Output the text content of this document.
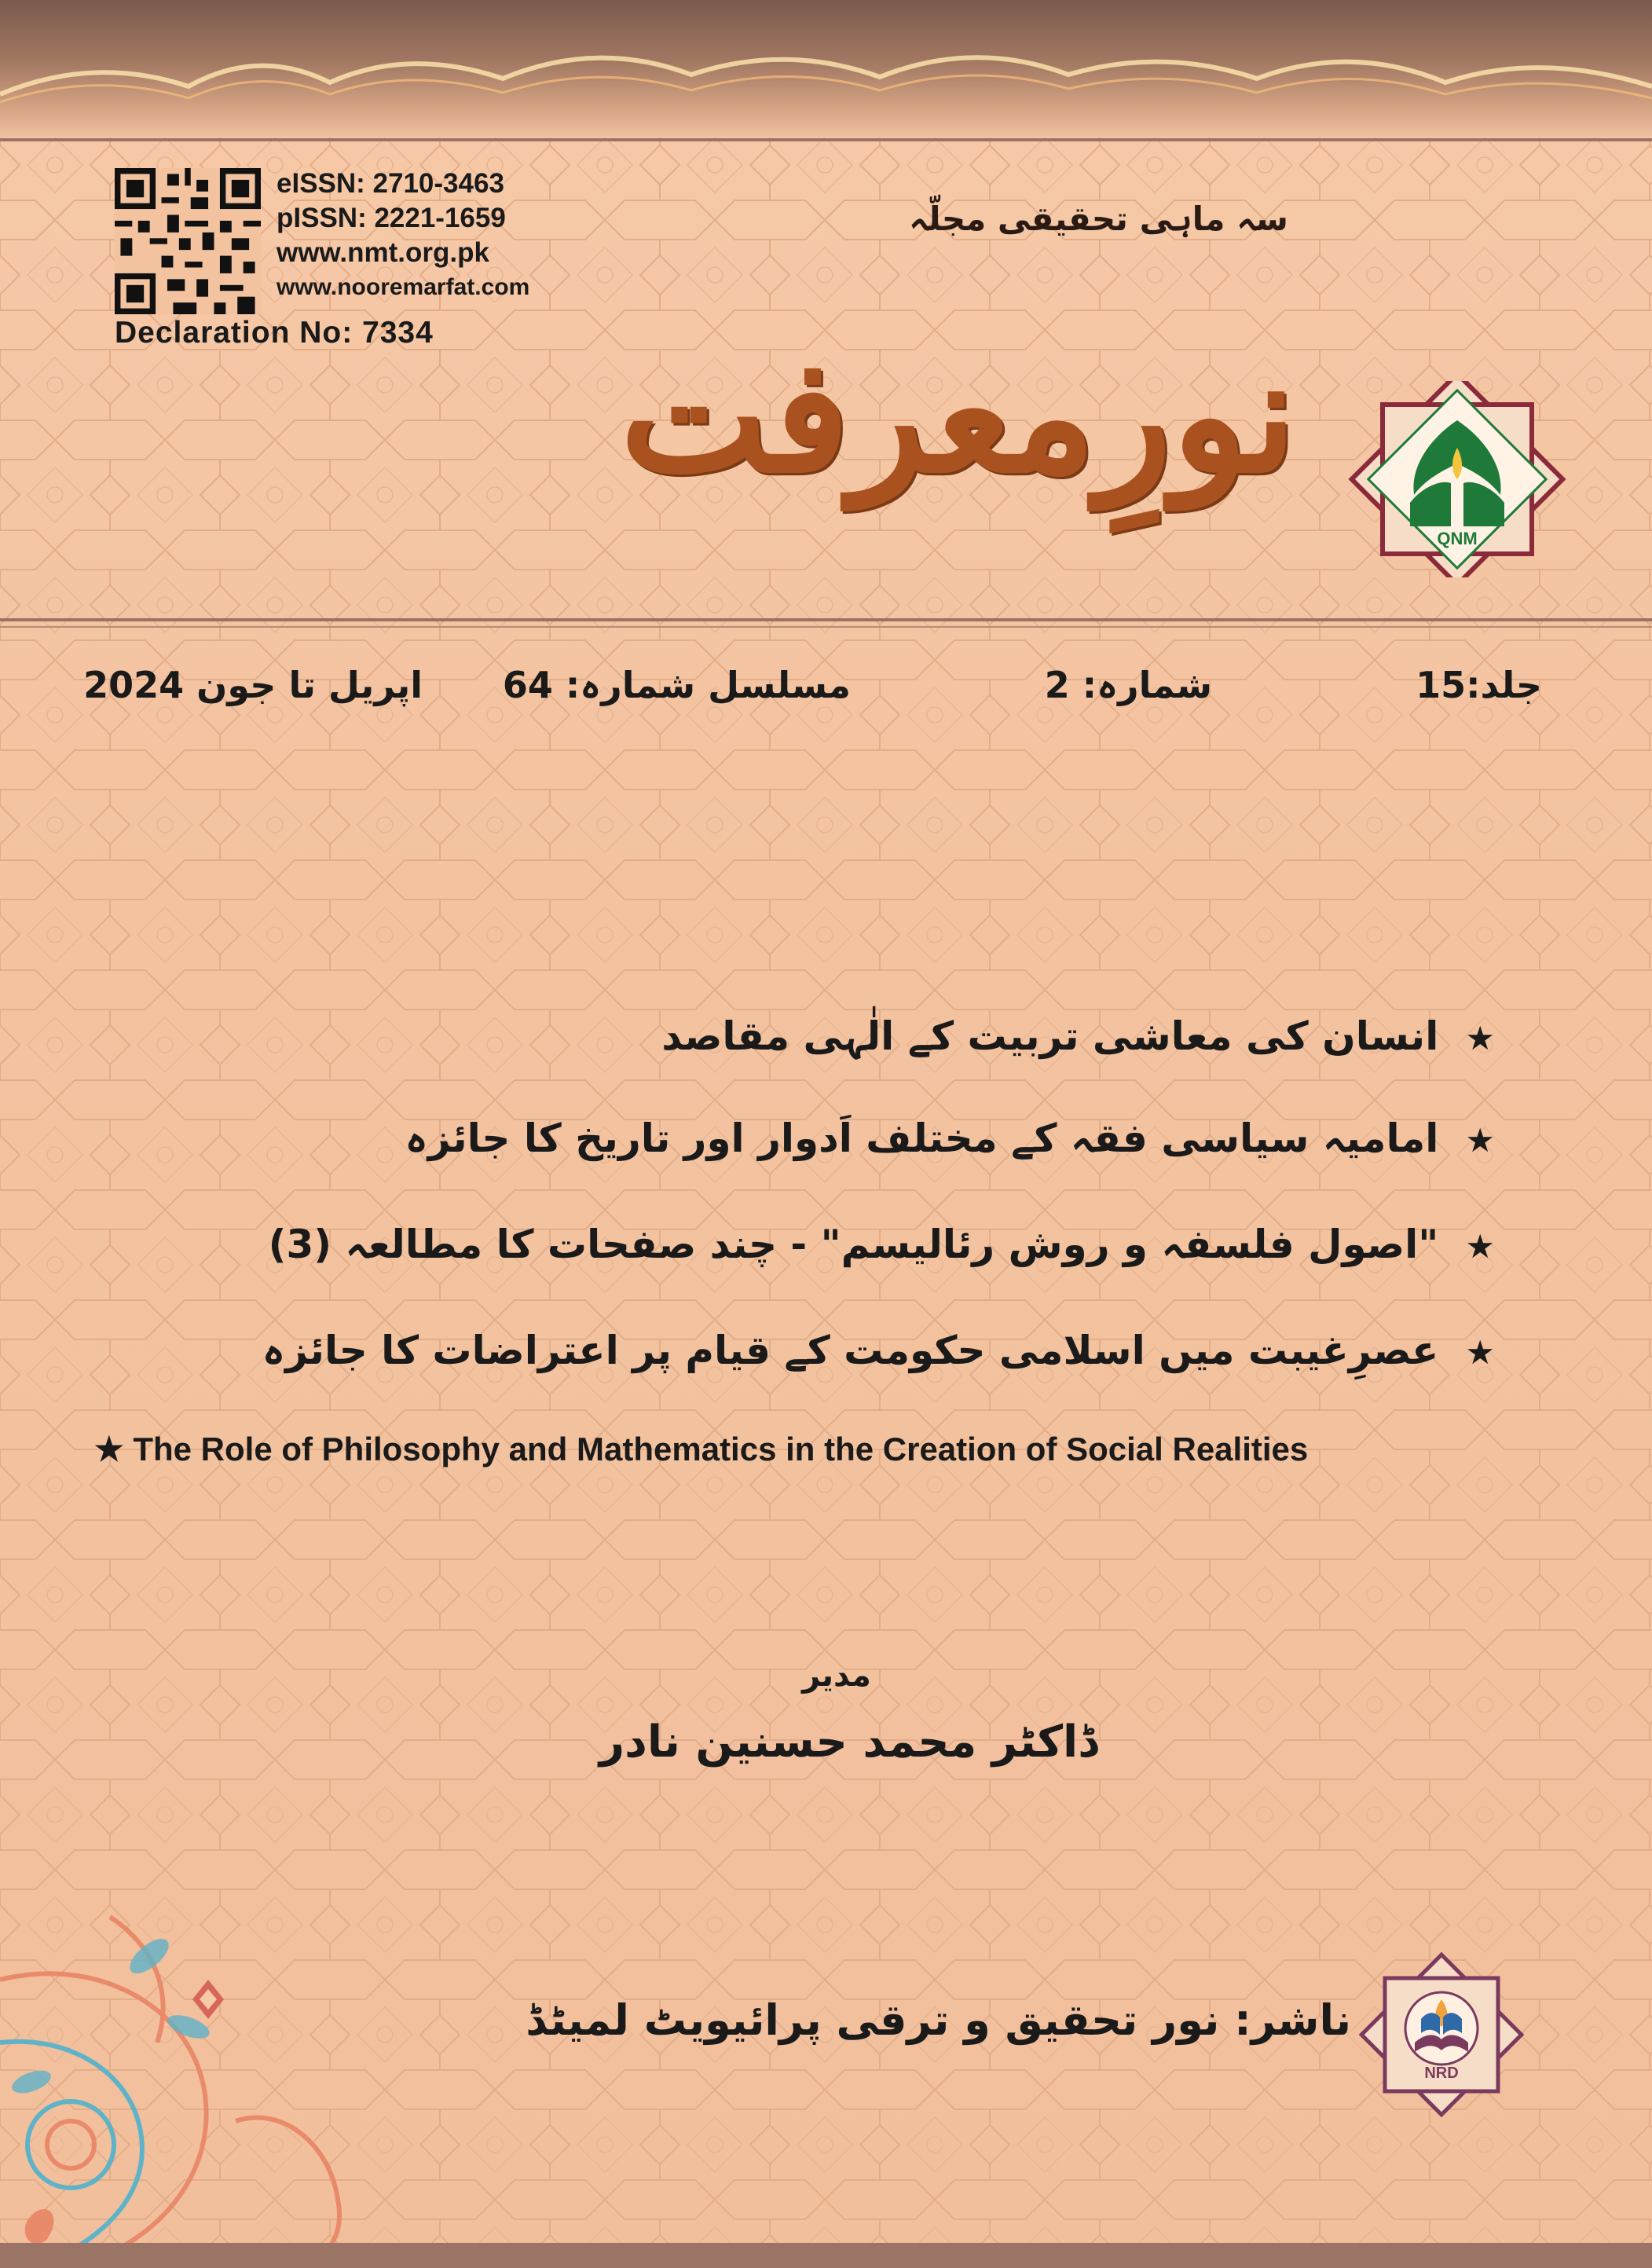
eISSN: 2710-3463
pISSN: 2221-1659
www.nmt.org.pk
www.nooremarfat.com
Declaration No: 7334
سہ ماہی تحقیقی مجلّہ
نورِمعرفت
QNM
جلد:15
شمارہ: 2
مسلسل شمارہ: 64
اپریل تا جون 2024
★انسان کی معاشی تربیت کے الٰہی مقاصد
★امامیہ سیاسی فقہ کے مختلف اَدوار اور تاریخ کا جائزہ
★"اصول فلسفہ و روش رئالیسم" - چند صفحات کا مطالعہ (3)
★عصرِغیبت میں اسلامی حکومت کے قیام پر اعتراضات کا جائزہ
★ The Role of Philosophy and Mathematics in the Creation of Social Realities
مدیر
ڈاکٹر محمد حسنین نادر
ناشر: نور تحقیق و ترقی پرائیویٹ لمیٹڈ
NRD
